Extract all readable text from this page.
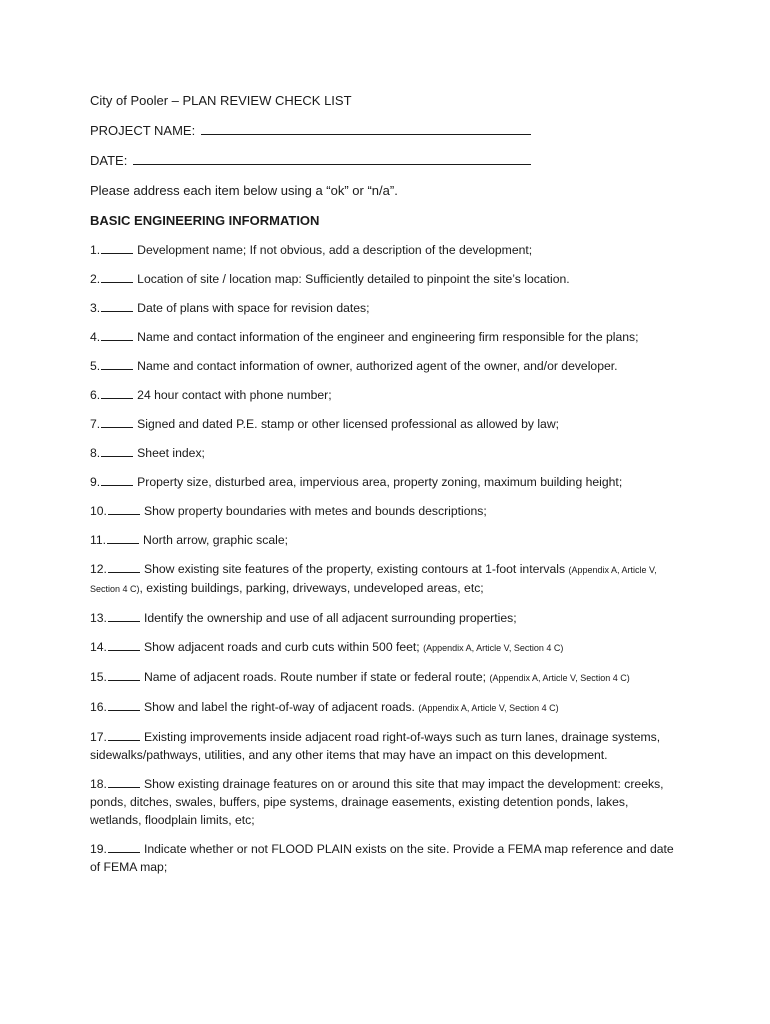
City of Pooler – PLAN REVIEW CHECK LIST
PROJECT NAME:
DATE:
Please address each item below using a “ok” or “n/a”.
BASIC ENGINEERING INFORMATION
1.	Development name; If not obvious, add a description of the development;
2.	Location of site / location map: Sufficiently detailed to pinpoint the site’s location.
3.	Date of plans with space for revision dates;
4.	Name and contact information of the engineer and engineering firm responsible for the plans;
5.	Name and contact information of owner, authorized agent of the owner, and/or developer.
6.	24 hour contact with phone number;
7.	Signed and dated P.E. stamp or other licensed professional as allowed by law;
8.	Sheet index;
9.	Property size, disturbed area, impervious area, property zoning, maximum building height;
10.	Show property boundaries with metes and bounds descriptions;
11.	North arrow, graphic scale;
12.	Show existing site features of the property, existing contours at 1-foot intervals (Appendix A, Article V, Section 4 C), existing buildings, parking, driveways, undeveloped areas, etc;
13.	Identify the ownership and use of all adjacent surrounding properties;
14.	Show adjacent roads and curb cuts within 500 feet; (Appendix A, Article V, Section 4 C)
15.	Name of adjacent roads. Route number if state or federal route; (Appendix A, Article V, Section 4 C)
16.	Show and label the right-of-way of adjacent roads. (Appendix A, Article V, Section 4 C)
17.	Existing improvements inside adjacent road right-of-ways such as turn lanes, drainage systems, sidewalks/pathways, utilities, and any other items that may have an impact on this development.
18.	Show existing drainage features on or around this site that may impact the development: creeks, ponds, ditches, swales, buffers, pipe systems, drainage easements, existing detention ponds, lakes, wetlands, floodplain limits, etc;
19.	Indicate whether or not FLOOD PLAIN exists on the site. Provide a FEMA map reference and date of FEMA map;
